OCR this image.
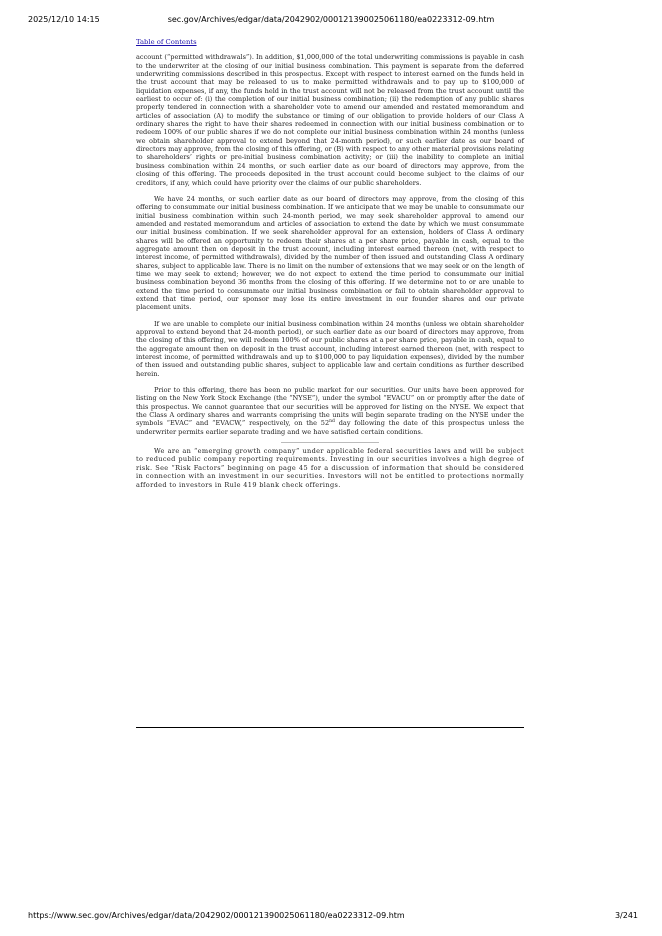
2025/12/10 14:15	sec.gov/Archives/edgar/data/2042902/000121390025061180/ea0223312-09.htm
Table of Contents

account (“permitted withdrawals”). In addition, $1,000,000 of the total underwriting commissions is payable in cash to the underwriter at the closing of our initial business combination. This payment is separate from the deferred underwriting commissions described in this prospectus. Except with respect to interest earned on the funds held in the trust account that may be released to us to make permitted withdrawals and to pay up to $100,000 of liquidation expenses, if any, the funds held in the trust account will not be released from the trust account until the earliest to occur of: (i) the completion of our initial business combination; (ii) the redemption of any public shares properly tendered in connection with a shareholder vote to amend our amended and restated memorandum and articles of association (A) to modify the substance or timing of our obligation to provide holders of our Class A ordinary shares the right to have their shares redeemed in connection with our initial business combination or to redeem 100% of our public shares if we do not complete our initial business combination within 24 months (unless we obtain shareholder approval to extend beyond that 24-month period), or such earlier date as our board of directors may approve, from the closing of this offering, or (B) with respect to any other material provisions relating to shareholders’ rights or pre-initial business combination activity; or (iii) the inability to complete an initial business combination within 24 months, or such earlier date as our board of directors may approve, from the closing of this offering. The proceeds deposited in the trust account could become subject to the claims of our creditors, if any, which could have priority over the claims of our public shareholders.

We have 24 months, or such earlier date as our board of directors may approve, from the closing of this offering to consummate our initial business combination. If we anticipate that we may be unable to consummate our initial business combination within such 24-month period, we may seek shareholder approval to amend our amended and restated memorandum and articles of association to extend the date by which we must consummate our initial business combination. If we seek shareholder approval for an extension, holders of Class A ordinary shares will be offered an opportunity to redeem their shares at a per share price, payable in cash, equal to the aggregate amount then on deposit in the trust account, including interest earned thereon (net, with respect to interest income, of permitted withdrawals), divided by the number of then issued and outstanding Class A ordinary shares, subject to applicable law. There is no limit on the number of extensions that we may seek or on the length of time we may seek to extend; however, we do not expect to extend the time period to consummate our initial business combination beyond 36 months from the closing of this offering. If we determine not to or are unable to extend the time period to consummate our initial business combination or fail to obtain shareholder approval to extend that time period, our sponsor may lose its entire investment in our founder shares and our private placement units.

If we are unable to complete our initial business combination within 24 months (unless we obtain shareholder approval to extend beyond that 24-month period), or such earlier date as our board of directors may approve, from the closing of this offering, we will redeem 100% of our public shares at a per share price, payable in cash, equal to the aggregate amount then on deposit in the trust account, including interest earned thereon (net, with respect to interest income, of permitted withdrawals and up to $100,000 to pay liquidation expenses), divided by the number of then issued and outstanding public shares, subject to applicable law and certain conditions as further described herein.

Prior to this offering, there has been no public market for our securities. Our units have been approved for listing on the New York Stock Exchange (the “NYSE”), under the symbol “EVACU” on or promptly after the date of this prospectus. We cannot guarantee that our securities will be approved for listing on the NYSE. We expect that the Class A ordinary shares and warrants comprising the units will begin separate trading on the NYSE under the symbols “EVAC” and “EVACW,” respectively, on the 52nd day following the date of this prospectus unless the underwriter permits earlier separate trading and we have satisfied certain conditions.

We are an “emerging growth company” under applicable federal securities laws and will be subject to reduced public company reporting requirements. Investing in our securities involves a high degree of risk. See “Risk Factors” beginning on page 45 for a discussion of information that should be considered in connection with an investment in our securities. Investors will not be entitled to protections normally afforded to investors in Rule 419 blank check offerings.

https://www.sec.gov/Archives/edgar/data/2042902/000121390025061180/ea0223312-09.htm	3/241
